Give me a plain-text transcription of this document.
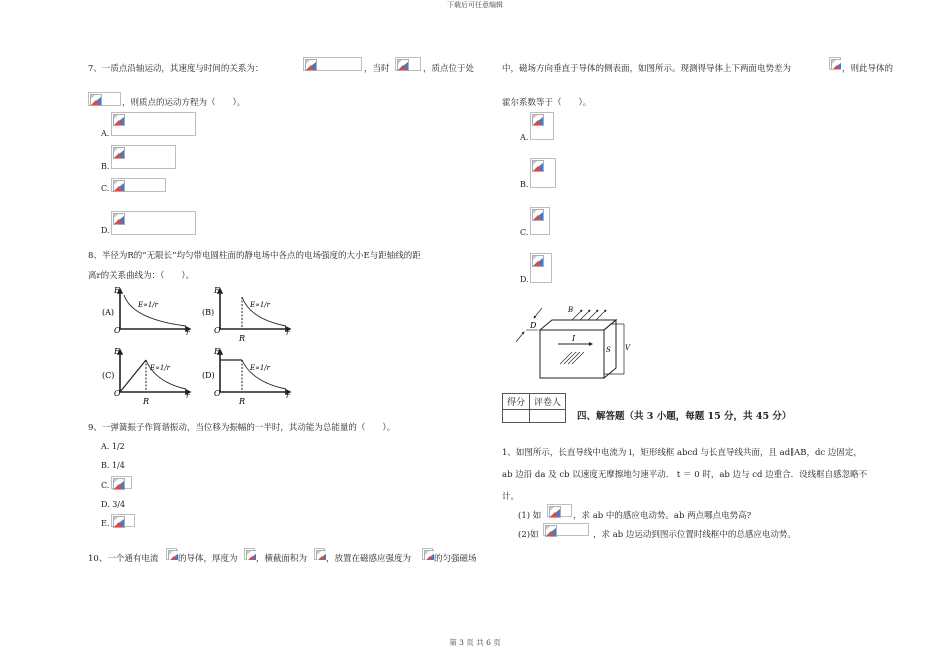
下载后可任意编辑
7、一质点沿轴运动，其速度与时间的关系为：	，当时	，质点位于处
，则质点的运动方程为（　　）。
A.
B.
C.
D.
8、半径为R的“无限长”均匀带电圆柱面的静电场中各点的电场强度的大小E与距轴线的距
离r的关系曲线为：（　　）。
E
O	r
(A)
E∝1/r
E
O	r
R
(B)
E∝1/r
E
O	r
R
(C)
E∝1/r
E
O	r
R
(D)
E∝1/r
9、一弹簧振子作简谐振动，当位移为振幅的一半时，其动能为总能量的（　　）。
A. 1/2
B. 1/4
C.
D. 3/4
E.
10、一个通有电流 的导体，厚度为 ，横截面积为 ，放置在磁感应强度为	的匀强磁场
中，磁场方向垂直于导体的侧表面，如图所示。现测得导体上下两面电势差为	，则此导体的
霍尔系数等于（　　）。
A.
B.
C.
D.
I
B
D
S V
得分	评卷人

四、解答题（共 3 小题，每题 15 分，共 45 分）
1、如图所示，长直导线中电流为 i，矩形线框 abcd 与长直导线共面，且 ad∥AB，dc 边固定，
ab 边沿 da 及 cb 以速度无摩擦地匀速平动． t ＝ 0 时，ab 边与 cd 边重合．设线框自感忽略不
计。
(1) 如	，求 ab 中的感应电动势。ab 两点哪点电势高?
(2)如	，求 ab 边运动到图示位置时线框中的总感应电动势。
第 3 页 共 6 页
